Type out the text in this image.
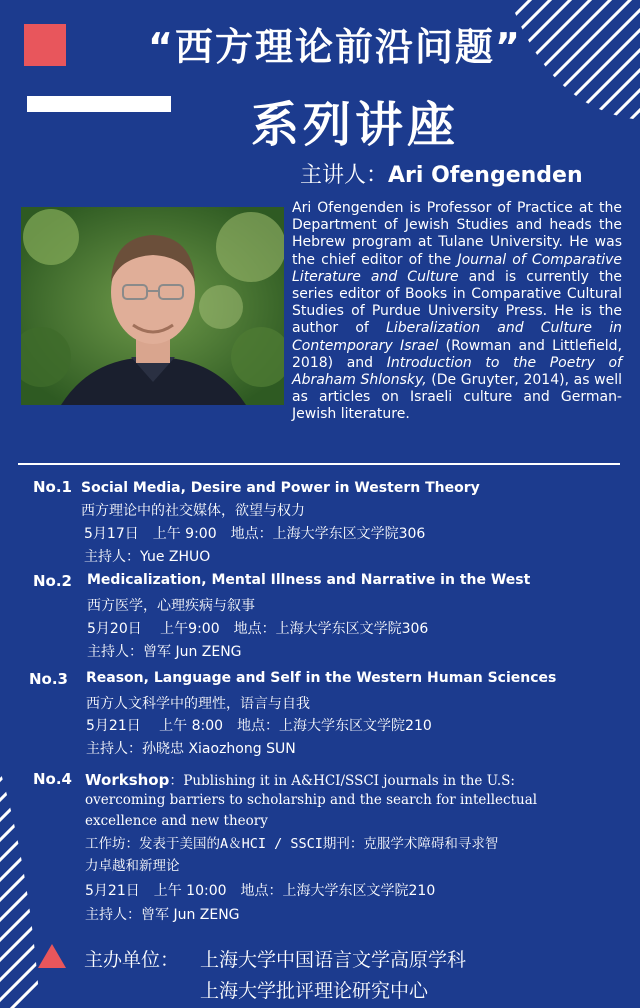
“西方理论前沿问题”
系列讲座
主讲人：Ari Ofengenden
Ari Ofengenden is Professor of Practice at the Department of Jewish Studies and heads the Hebrew program at Tulane University. He was the chief editor of the Journal of Comparative Literature and Culture and is currently the series editor of Books in Comparative Cultural Studies of Purdue University Press. He is the author of Liberalization and Culture in Contemporary Israel (Rowman and Littlefield, 2018) and Introduction to the Poetry of Abraham Shlonsky, (De Gruyter, 2014), as well as articles on Israeli culture and German-Jewish literature.
No.1 Social Media, Desire and Power in Western Theory
西方理论中的社交媒体，欲望与权力
5月17日　上午 9:00　地点：上海大学东区文学院306
主持人：Yue ZHUO
No.2 Medicalization, Mental Illness and Narrative in the West
西方医学，心理疾病与叙事
5月20日　 上午9:00　地点：上海大学东区文学院306
主持人：曾军 Jun ZENG
No.3 Reason, Language and Self in the Western Human Sciences
西方人文科学中的理性，语言与自我
5月21日　 上午 8:00　地点：上海大学东区文学院210
主持人：孙晓忠 Xiaozhong SUN
No.4 Workshop：Publishing it in A&HCI/SSCI journals in the U.S:
overcoming barriers to scholarship and the search for intellectual
excellence and new theory
工作坊：发表于美国的A＆HCI / SSCI期刊：克服学术障碍和寻求智
力卓越和新理论
5月21日　上午 10:00　地点：上海大学东区文学院210
主持人：曾军 Jun ZENG
主办单位： 上海大学中国语言文学高原学科
上海大学批评理论研究中心
